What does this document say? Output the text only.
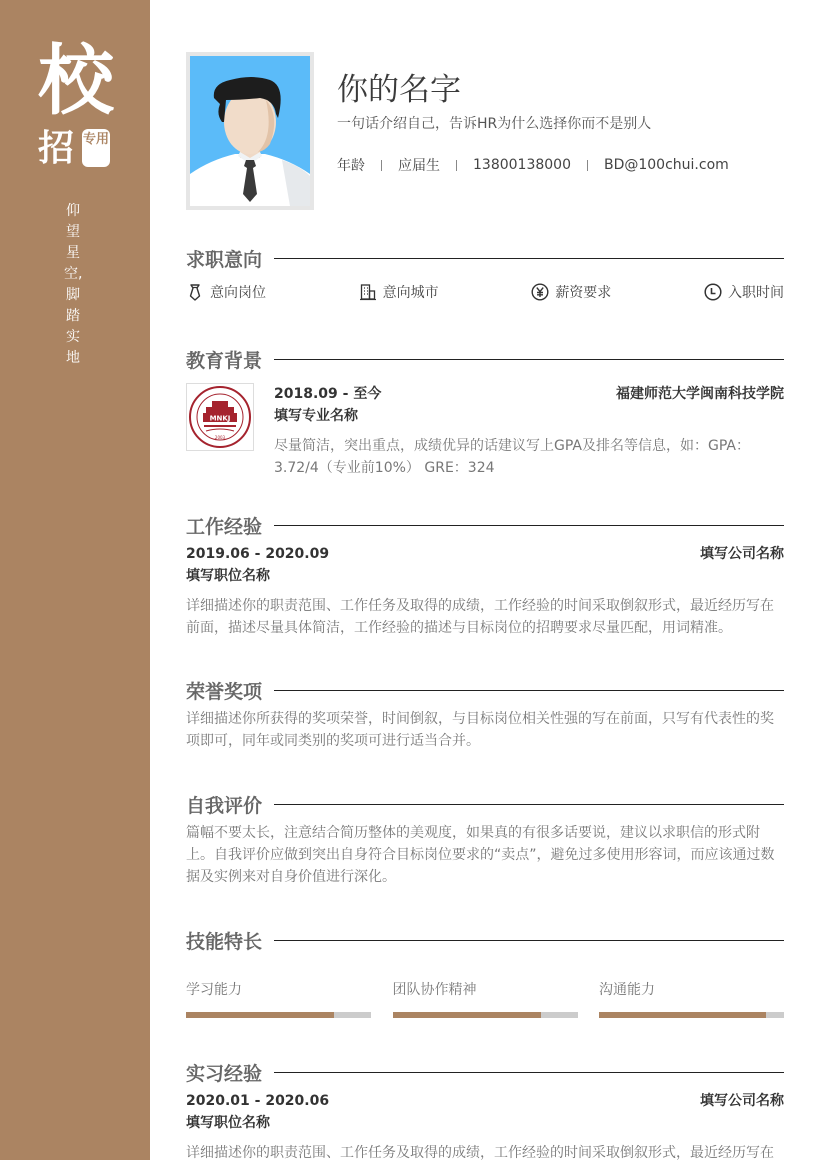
校
招 专用
仰
望
星
空,
脚
踏
实
地
你的名字
一句话介绍自己，告诉HR为什么选择你而不是别人
年龄 应届生 13800138000 BD@100chui.com
求职意向
意向岗位	意向城市	薪资要求	入职时间
教育背景
MNKJ
2003
2018.09 - 至今	福建师范大学闽南科技学院
填写专业名称
尽量简洁，突出重点，成绩优异的话建议写上GPA及排名等信息，如：GPA：3.72/4（专业前10%） GRE：324
工作经验
2019.06 - 2020.09	填写公司名称
填写职位名称
详细描述你的职责范围、工作任务及取得的成绩，工作经验的时间采取倒叙形式，最近经历写在前面，描述尽量具体简洁，工作经验的描述与目标岗位的招聘要求尽量匹配，用词精准。
荣誉奖项
详细描述你所获得的奖项荣誉，时间倒叙，与目标岗位相关性强的写在前面，只写有代表性的奖项即可，同年或同类别的奖项可进行适当合并。
自我评价
篇幅不要太长，注意结合简历整体的美观度，如果真的有很多话要说，建议以求职信的形式附上。自我评价应做到突出自身符合目标岗位要求的“卖点”，避免过多使用形容词，而应该通过数据及实例来对自身价值进行深化。
技能特长
学习能力	团队协作精神	沟通能力
实习经验
2020.01 - 2020.06	填写公司名称
填写职位名称
详细描述你的职责范围、工作任务及取得的成绩，工作经验的时间采取倒叙形式，最近经历写在
